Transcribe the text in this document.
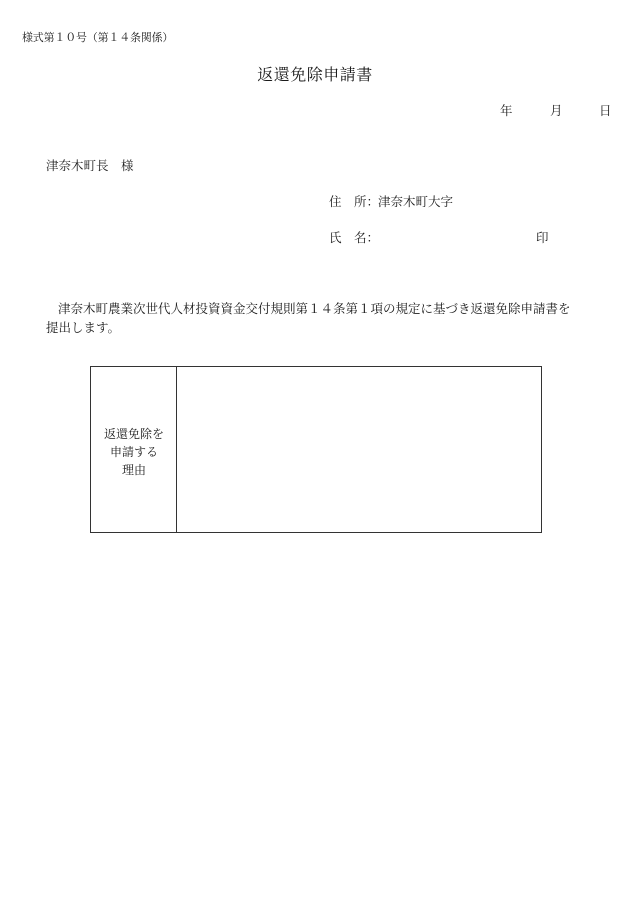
様式第１０号（第１４条関係）
返還免除申請書
年	月	日
津奈木町長　様
住　所：
津奈木町大字
氏　名：	印
津奈木町農業次世代人材投資資金交付規則第１４条第１項の規定に基づき返還免除申請書を
提出します。
返還免除を
申請する
理由
